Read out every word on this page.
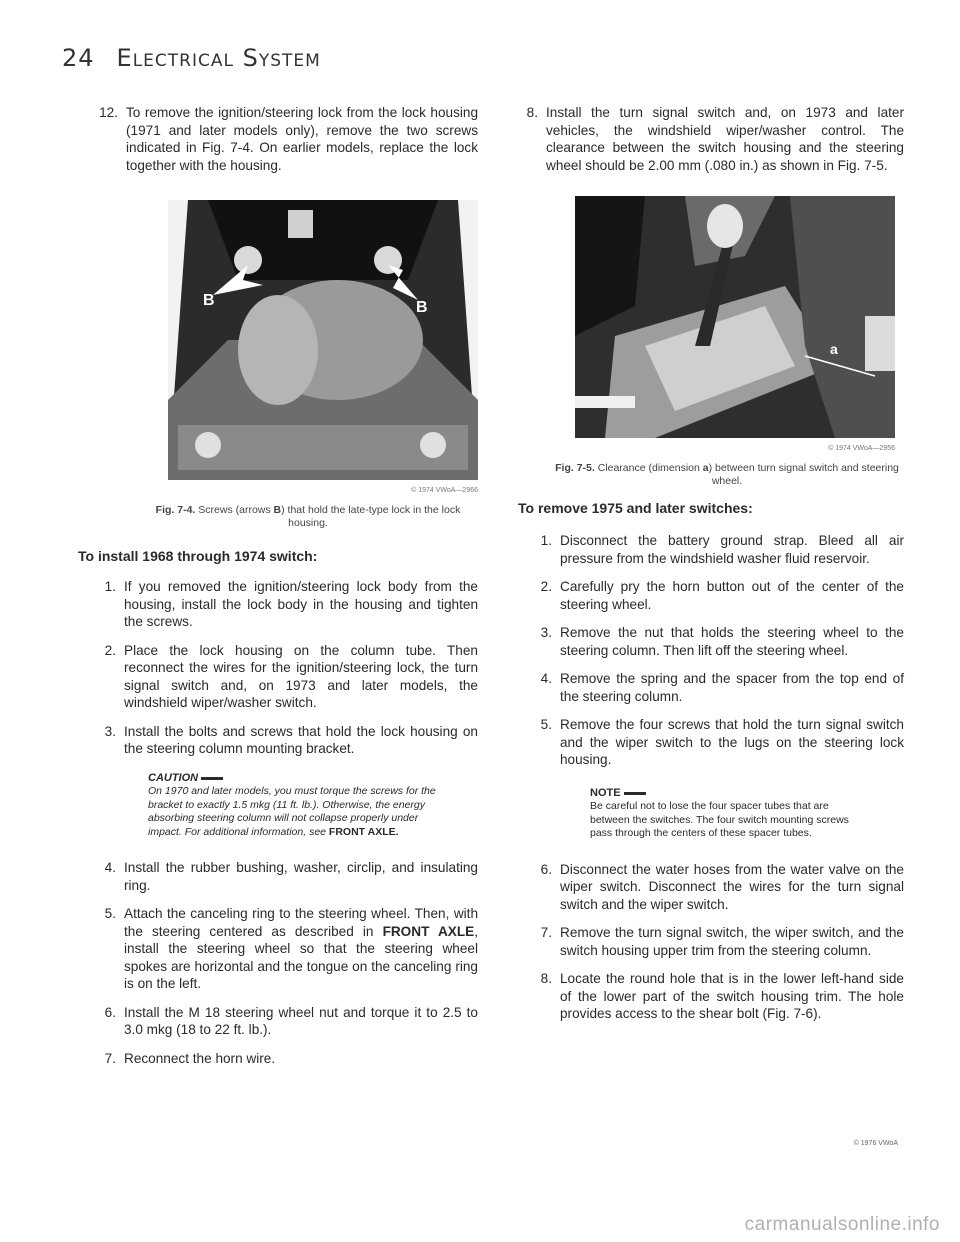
24 Electrical System
12. To remove the ignition/steering lock from the lock housing (1971 and later models only), remove the two screws indicated in Fig. 7-4. On earlier models, replace the lock together with the housing.
B	B
© 1974 VWoA—2966
Fig. 7-4. Screws (arrows B) that hold the late-type lock in the lock housing.
To install 1968 through 1974 switch:
1. If you removed the ignition/steering lock body from the housing, install the lock body in the housing and tighten the screws.
2. Place the lock housing on the column tube. Then reconnect the wires for the ignition/steering lock, the turn signal switch and, on 1973 and later models, the windshield wiper/washer switch.
3. Install the bolts and screws that hold the lock housing on the steering column mounting bracket.
CAUTION
On 1970 and later models, you must torque the screws for the bracket to exactly 1.5 mkg (11 ft. lb.). Otherwise, the energy absorbing steering column will not collapse properly under impact. For additional information, see FRONT AXLE.
4. Install the rubber bushing, washer, circlip, and insulating ring.
5. Attach the canceling ring to the steering wheel. Then, with the steering centered as described in FRONT AXLE, install the steering wheel so that the steering wheel spokes are horizontal and the tongue on the canceling ring is on the left.
6. Install the M 18 steering wheel nut and torque it to 2.5 to 3.0 mkg (18 to 22 ft. lb.).
7. Reconnect the horn wire.
8. Install the turn signal switch and, on 1973 and later vehicles, the windshield wiper/washer control. The clearance between the switch housing and the steering wheel should be 2.00 mm (.080 in.) as shown in Fig. 7-5.
a
© 1974 VWoA—2956
Fig. 7-5. Clearance (dimension a) between turn signal switch and steering wheel.
To remove 1975 and later switches:
1. Disconnect the battery ground strap. Bleed all air pressure from the windshield washer fluid reservoir.
2. Carefully pry the horn button out of the center of the steering wheel.
3. Remove the nut that holds the steering wheel to the steering column. Then lift off the steering wheel.
4. Remove the spring and the spacer from the top end of the steering column.
5. Remove the four screws that hold the turn signal switch and the wiper switch to the lugs on the steering lock housing.
NOTE
Be careful not to lose the four spacer tubes that are between the switches. The four switch mounting screws pass through the centers of these spacer tubes.
6. Disconnect the water hoses from the water valve on the wiper switch. Disconnect the wires for the turn signal switch and the wiper switch.
7. Remove the turn signal switch, the wiper switch, and the switch housing upper trim from the steering column.
8. Locate the round hole that is in the lower left-hand side of the lower part of the switch housing trim. The hole provides access to the shear bolt (Fig. 7-6).
© 1976 VWoA
carmanualsonline.info
